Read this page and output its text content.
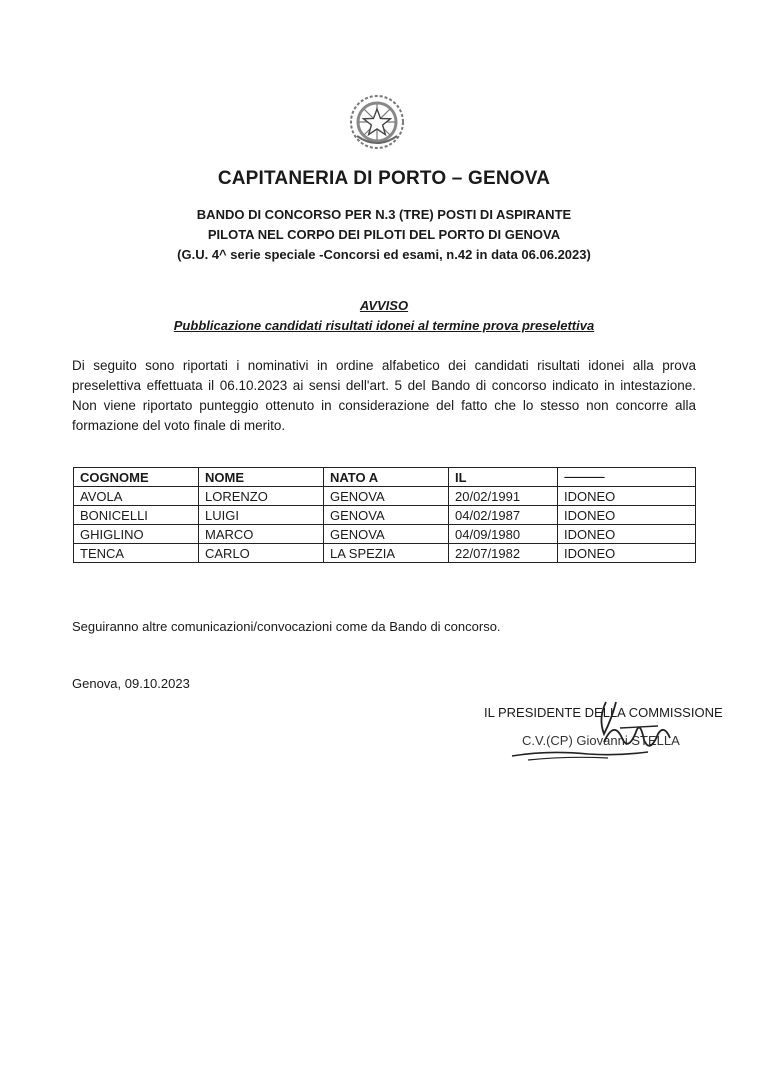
CAPITANERIA DI PORTO – GENOVA
BANDO DI CONCORSO PER N.3 (TRE) POSTI DI ASPIRANTE
PILOTA NEL CORPO DEI PILOTI DEL PORTO DI GENOVA
(G.U. 4^ serie speciale -Concorsi ed esami, n.42 in data 06.06.2023)
AVVISO
Pubblicazione candidati risultati idonei al termine prova preselettiva
Di seguito sono riportati i nominativi in ordine alfabetico dei candidati risultati idonei alla prova preselettiva effettuata il 06.10.2023 ai sensi dell'art. 5 del Bando di concorso indicato in intestazione. Non viene riportato punteggio ottenuto in considerazione del fatto che lo stesso non concorre alla formazione del voto finale di merito.
COGNOME	NOME	NATO A	IL	--------------------
AVOLA	LORENZO	GENOVA	20/02/1991	IDONEO
BONICELLI	LUIGI	GENOVA	04/02/1987	IDONEO
GHIGLINO	MARCO	GENOVA	04/09/1980	IDONEO
TENCA	CARLO	LA SPEZIA	22/07/1982	IDONEO
Seguiranno altre comunicazioni/convocazioni come da Bando di concorso.
Genova, 09.10.2023
IL PRESIDENTE DELLA COMMISSIONE
C.V.(CP) Giovanni STELLA
